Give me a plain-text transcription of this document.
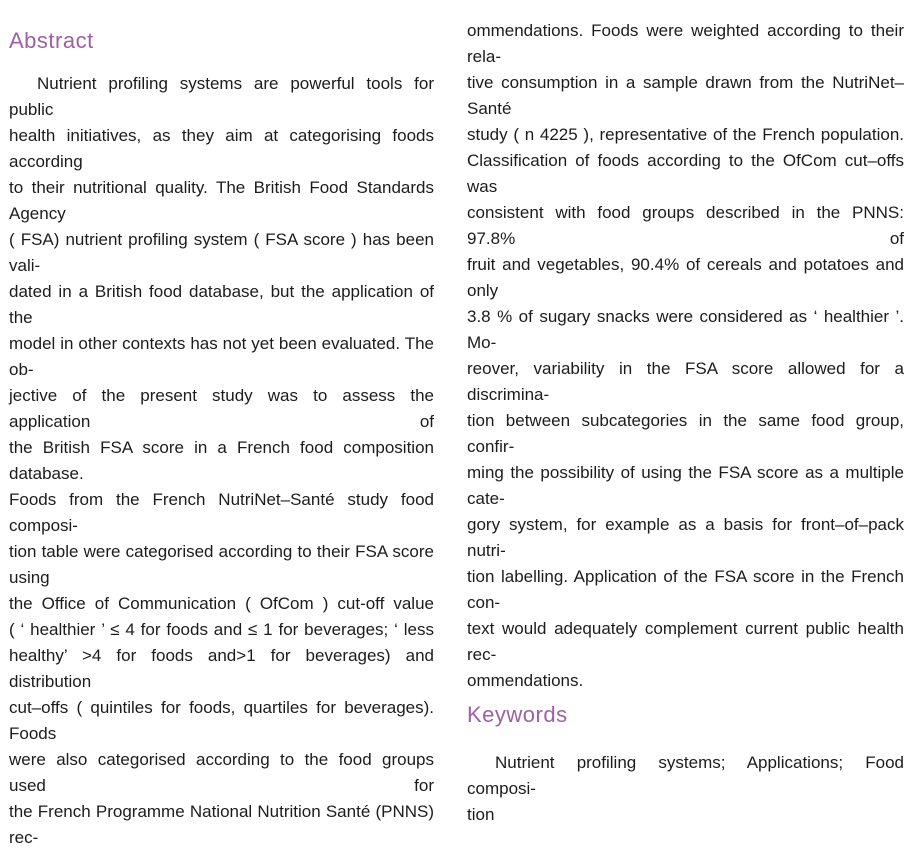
Abstract
Nutrient profiling systems are powerful tools for public
health initiatives, as they aim at categorising foods according
to their nutritional quality. The British Food Standards Agency
( FSA) nutrient profiling system ( FSA score ) has been vali-
dated in a British food database, but the application of the
model in other contexts has not yet been evaluated. The ob-
jective of the present study was to assess the application of
the British FSA score in a French food composition database.
Foods from the French NutriNet–Santé study food composi-
tion table were categorised according to their FSA score using
the Office of Communication ( OfCom ) cut-off value
( ‘ healthier ’ ≤ 4 for foods and ≤ 1 for beverages; ‘ less
healthy’ >4 for foods and>1 for beverages) and distribution
cut–offs ( quintiles for foods, quartiles for beverages). Foods
were also categorised according to the food groups used for
the French Programme National Nutrition Santé (PNNS) rec-
ommendations. Foods were weighted according to their rela-
tive consumption in a sample drawn from the NutriNet–Santé
study ( n 4225 ), representative of the French population.
Classification of foods according to the OfCom cut–offs was
consistent with food groups described in the PNNS: 97.8% of
fruit and vegetables, 90.4% of cereals and potatoes and only
3.8 % of sugary snacks were considered as ‘ healthier ’. Mo-
reover, variability in the FSA score allowed for a discrimina-
tion between subcategories in the same food group, confir-
ming the possibility of using the FSA score as a multiple cate-
gory system, for example as a basis for front–of–pack nutri-
tion labelling. Application of the FSA score in the French con-
text would adequately complement current public health rec-
ommendations.
Keywords
Nutrient profiling systems; Applications; Food composi-
tion
